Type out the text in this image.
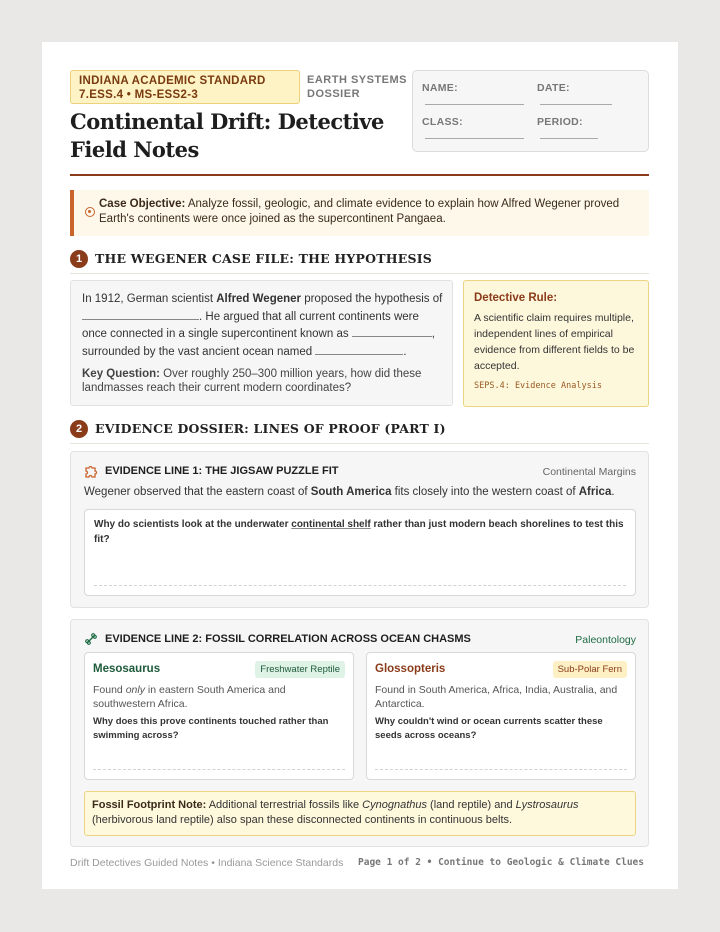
INDIANA ACADEMIC STANDARD
7.ESS.4 • MS-ESS2-3
EARTH SYSTEMS
DOSSIER
Continental Drift: Detective Field Notes
NAME:	DATE:
CLASS:	PERIOD:
Case Objective: Analyze fossil, geologic, and climate evidence to explain how Alfred Wegener proved Earth's continents were once joined as the supercontinent Pangaea.
1	THE WEGENER CASE FILE: THE HYPOTHESIS
In 1912, German scientist Alfred Wegener proposed the hypothesis of . He argued that all current continents were once connected in a single supercontinent known as	, surrounded by the vast ancient ocean named	.
Key Question: Over roughly 250–300 million years, how did these landmasses reach their current modern coordinates?
Detective Rule:
A scientific claim requires multiple, independent lines of empirical evidence from different fields to be accepted.
SEPS.4: Evidence Analysis
2	EVIDENCE DOSSIER: LINES OF PROOF (PART I)
EVIDENCE LINE 1: THE JIGSAW PUZZLE FIT	Continental Margins
Wegener observed that the eastern coast of South America fits closely into the western coast of Africa.
Why do scientists look at the underwater continental shelf rather than just modern beach shorelines to test this fit?
EVIDENCE LINE 2: FOSSIL CORRELATION ACROSS OCEAN CHASMS	Paleontology
Mesosaurus	Freshwater Reptile
Found only in eastern South America and southwestern Africa.
Why does this prove continents touched rather than swimming across?
Glossopteris	Sub-Polar Fern
Found in South America, Africa, India, Australia, and Antarctica.
Why couldn't wind or ocean currents scatter these seeds across oceans?
Fossil Footprint Note: Additional terrestrial fossils like Cynognathus (land reptile) and Lystrosaurus (herbivorous land reptile) also span these disconnected continents in continuous belts.
Drift Detectives Guided Notes • Indiana Science Standards Page 1 of 2 • Continue to Geologic & Climate Clues
